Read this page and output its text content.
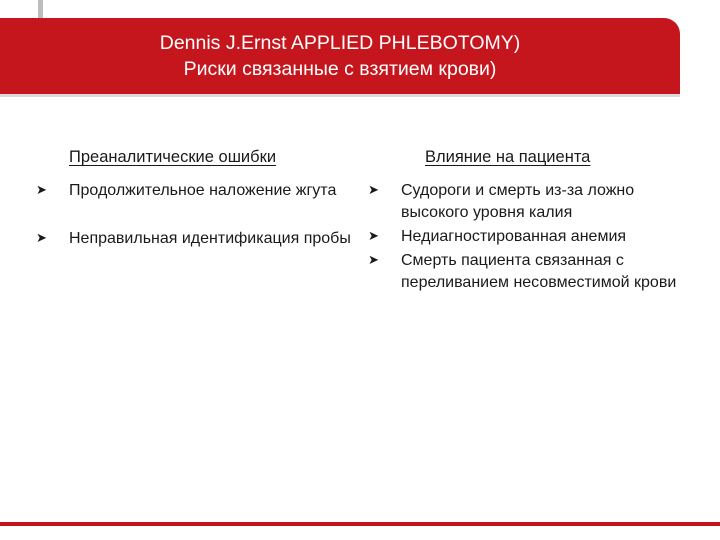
Dennis J.Ernst APPLIED PHLEBOTOMY)
Риски связанные с взятием крови)
Преаналитические ошибки
➤ Продолжительное наложение жгута
➤ Неправильная идентификация пробы
Влияние на пациента
➤ Судороги и смерть из-за ложно высокого уровня калия
➤ Недиагностированная анемия
➤ Смерть пациента связанная с переливанием несовместимой крови
